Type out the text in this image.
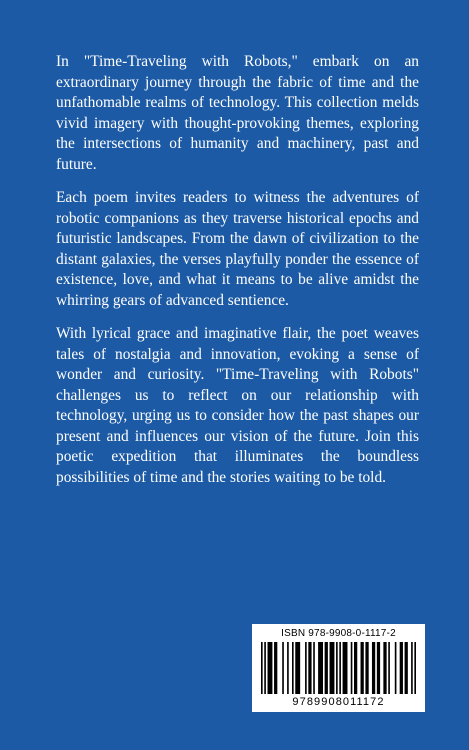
In "Time-Traveling with Robots," embark on an extraordinary journey through the fabric of time and the unfathomable realms of technology. This collection melds vivid imagery with thought-provoking themes, exploring the intersections of humanity and machinery, past and future.

Each poem invites readers to witness the adventures of robotic companions as they traverse historical epochs and futuristic landscapes. From the dawn of civilization to the distant galaxies, the verses playfully ponder the essence of existence, love, and what it means to be alive amidst the whirring gears of advanced sentience.

With lyrical grace and imaginative flair, the poet weaves tales of nostalgia and innovation, evoking a sense of wonder and curiosity. "Time-Traveling with Robots" challenges us to reflect on our relationship with technology, urging us to consider how the past shapes our present and influences our vision of the future. Join this poetic expedition that illuminates the boundless possibilities of time and the stories waiting to be told.

ISBN 978-9908-0-1117-2
9789908011172
